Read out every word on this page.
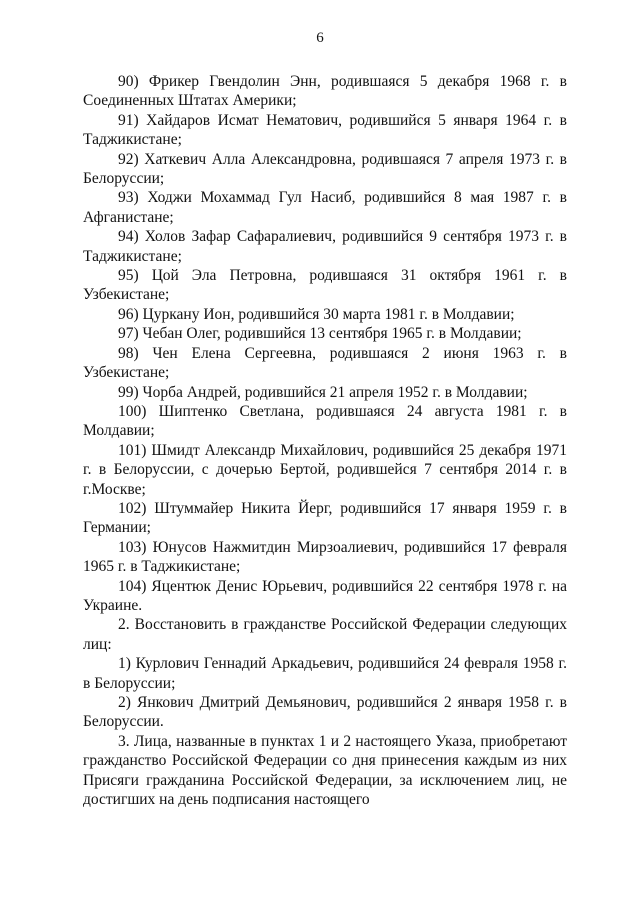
6

90) Фрикер Гвендолин Энн, родившаяся 5 декабря 1968 г. в Соединенных Штатах Америки;

91) Хайдаров Исмат Нематович, родившийся 5 января 1964 г. в Таджикистане;

92) Хаткевич Алла Александровна, родившаяся 7 апреля 1973 г. в Белоруссии;

93) Ходжи Мохаммад Гул Насиб, родившийся 8 мая 1987 г. в Афганистане;

94) Холов Зафар Сафаралиевич, родившийся 9 сентября 1973 г. в Таджикистане;

95) Цой Эла Петровна, родившаяся 31 октября 1961 г. в Узбекистане;

96) Цуркану Ион, родившийся 30 марта 1981 г. в Молдавии;

97) Чебан Олег, родившийся 13 сентября 1965 г. в Молдавии;

98) Чен Елена Сергеевна, родившаяся 2 июня 1963 г. в Узбекистане;

99) Чорба Андрей, родившийся 21 апреля 1952 г. в Молдавии;

100) Шиптенко Светлана, родившаяся 24 августа 1981 г. в Молдавии;

101) Шмидт Александр Михайлович, родившийся 25 декабря 1971 г. в Белоруссии, с дочерью Бертой, родившейся 7 сентября 2014 г. в г.Москве;

102) Штуммайер Никита Йерг, родившийся 17 января 1959 г. в Германии;

103) Юнусов Нажмитдин Мирзоалиевич, родившийся 17 февраля 1965 г. в Таджикистане;

104) Яцентюк Денис Юрьевич, родившийся 22 сентября 1978 г. на Украине.

2. Восстановить в гражданстве Российской Федерации следующих лиц:

1) Курлович Геннадий Аркадьевич, родившийся 24 февраля 1958 г. в Белоруссии;

2) Янкович Дмитрий Демьянович, родившийся 2 января 1958 г. в Белоруссии.

3. Лица, названные в пунктах 1 и 2 настоящего Указа, приобретают гражданство Российской Федерации со дня принесения каждым из них Присяги гражданина Российской Федерации, за исключением лиц, не достигших на день подписания настоящего
